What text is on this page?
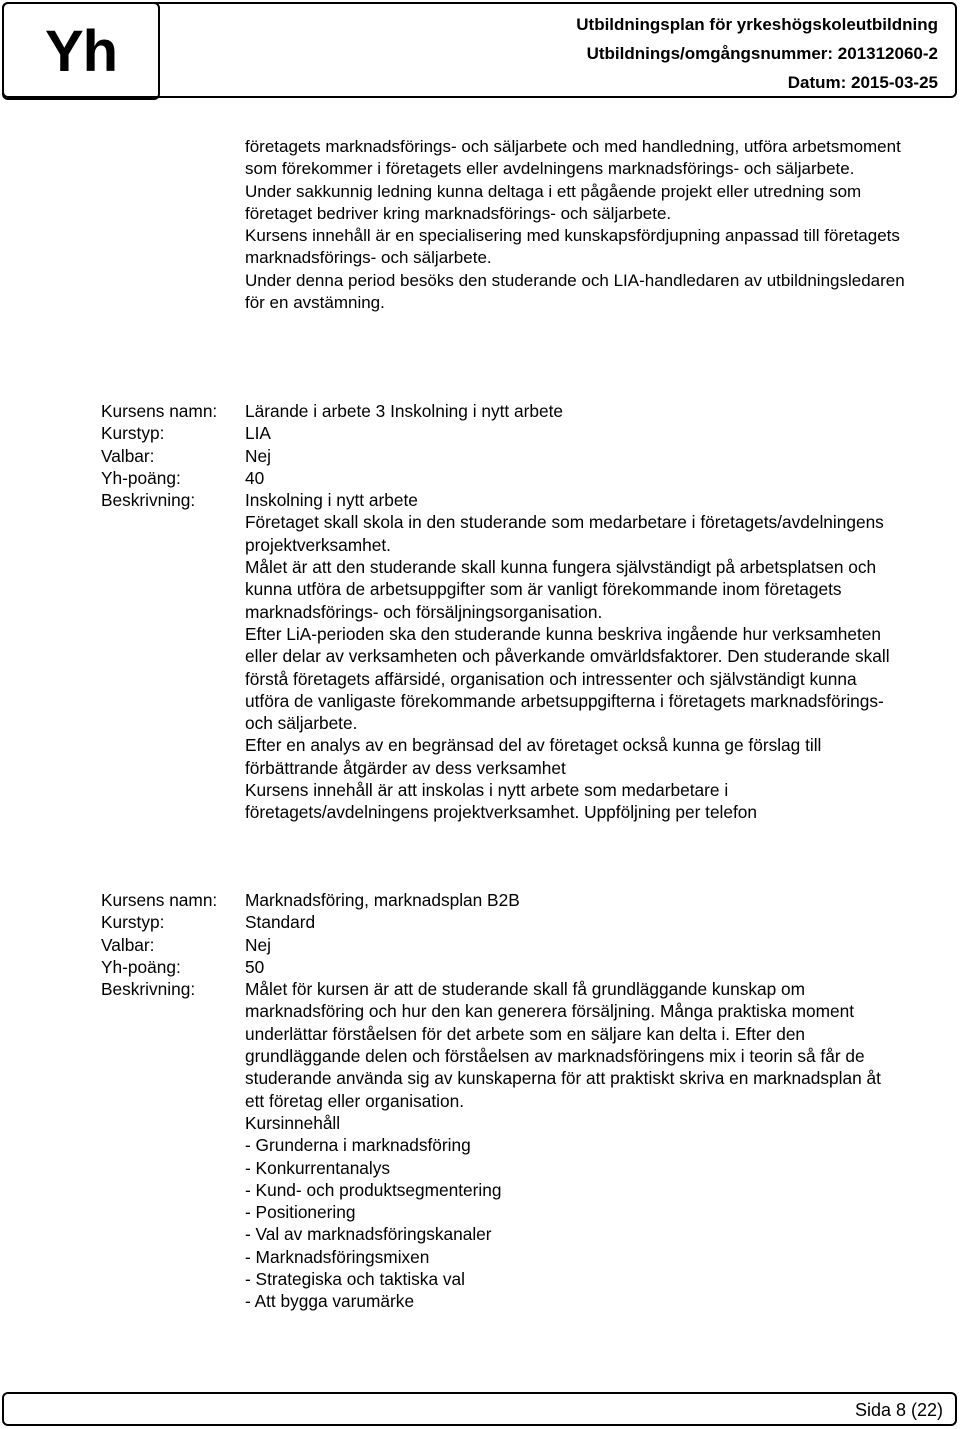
Yh	Utbildningsplan för yrkeshögskoleutbildning
Utbildnings/omgångsnummer: 201312060-2
Datum: 2015-03-25

företagets marknadsförings- och säljarbete och med handledning, utföra arbetsmoment som förekommer i företagets eller avdelningens marknadsförings- och säljarbete. Under sakkunnig ledning kunna deltaga i ett pågående projekt eller utredning som företaget bedriver kring marknadsförings- och säljarbete.

Kursens innehåll är en specialisering med kunskapsfördjupning anpassad till företagets marknadsförings- och säljarbete.

Under denna period besöks den studerande och LIA-handledaren av utbildningsledaren för en avstämning.

Kursens namn:	Lärande i arbete 3 Inskolning i nytt arbete
Kurstyp:	LIA
Valbar:	Nej
Yh-poäng:	40
Beskrivning:	Inskolning i nytt arbete

Företaget skall skola in den studerande som medarbetare i företagets/avdelningens projektverksamhet.

Målet är att den studerande skall kunna fungera självständigt på arbetsplatsen och kunna utföra de arbetsuppgifter som är vanligt förekommande inom företagets marknadsförings- och försäljningsorganisation.

Efter LiA-perioden ska den studerande kunna beskriva ingående hur verksamheten eller delar av verksamheten och påverkande omvärldsfaktorer. Den studerande skall förstå företagets affärsidé, organisation och intressenter och självständigt kunna utföra de vanligaste förekommande arbetsuppgifterna i företagets marknadsförings- och säljarbete.

Efter en analys av en begränsad del av företaget också kunna ge förslag till förbättrande åtgärder av dess verksamhet

Kursens innehåll är att inskolas i nytt arbete som medarbetare i företagets/avdelningens projektverksamhet. Uppföljning per telefon

Kursens namn:	Marknadsföring, marknadsplan B2B
Kurstyp:	Standard
Valbar:	Nej
Yh-poäng:	50
Beskrivning:	Målet för kursen är att de studerande skall få grundläggande kunskap om marknadsföring och hur den kan generera försäljning. Många praktiska moment underlättar förståelsen för det arbete som en säljare kan delta i. Efter den grundläggande delen och förståelsen av marknadsföringens mix i teorin så får de studerande använda sig av kunskaperna för att praktiskt skriva en marknadsplan åt ett företag eller organisation.

Kursinnehåll

- Grunderna i marknadsföring

- Konkurrentanalys

- Kund- och produktsegmentering

- Positionering

- Val av marknadsföringskanaler

- Marknadsföringsmixen

- Strategiska och taktiska val

- Att bygga varumärke

Sida 8 (22)
